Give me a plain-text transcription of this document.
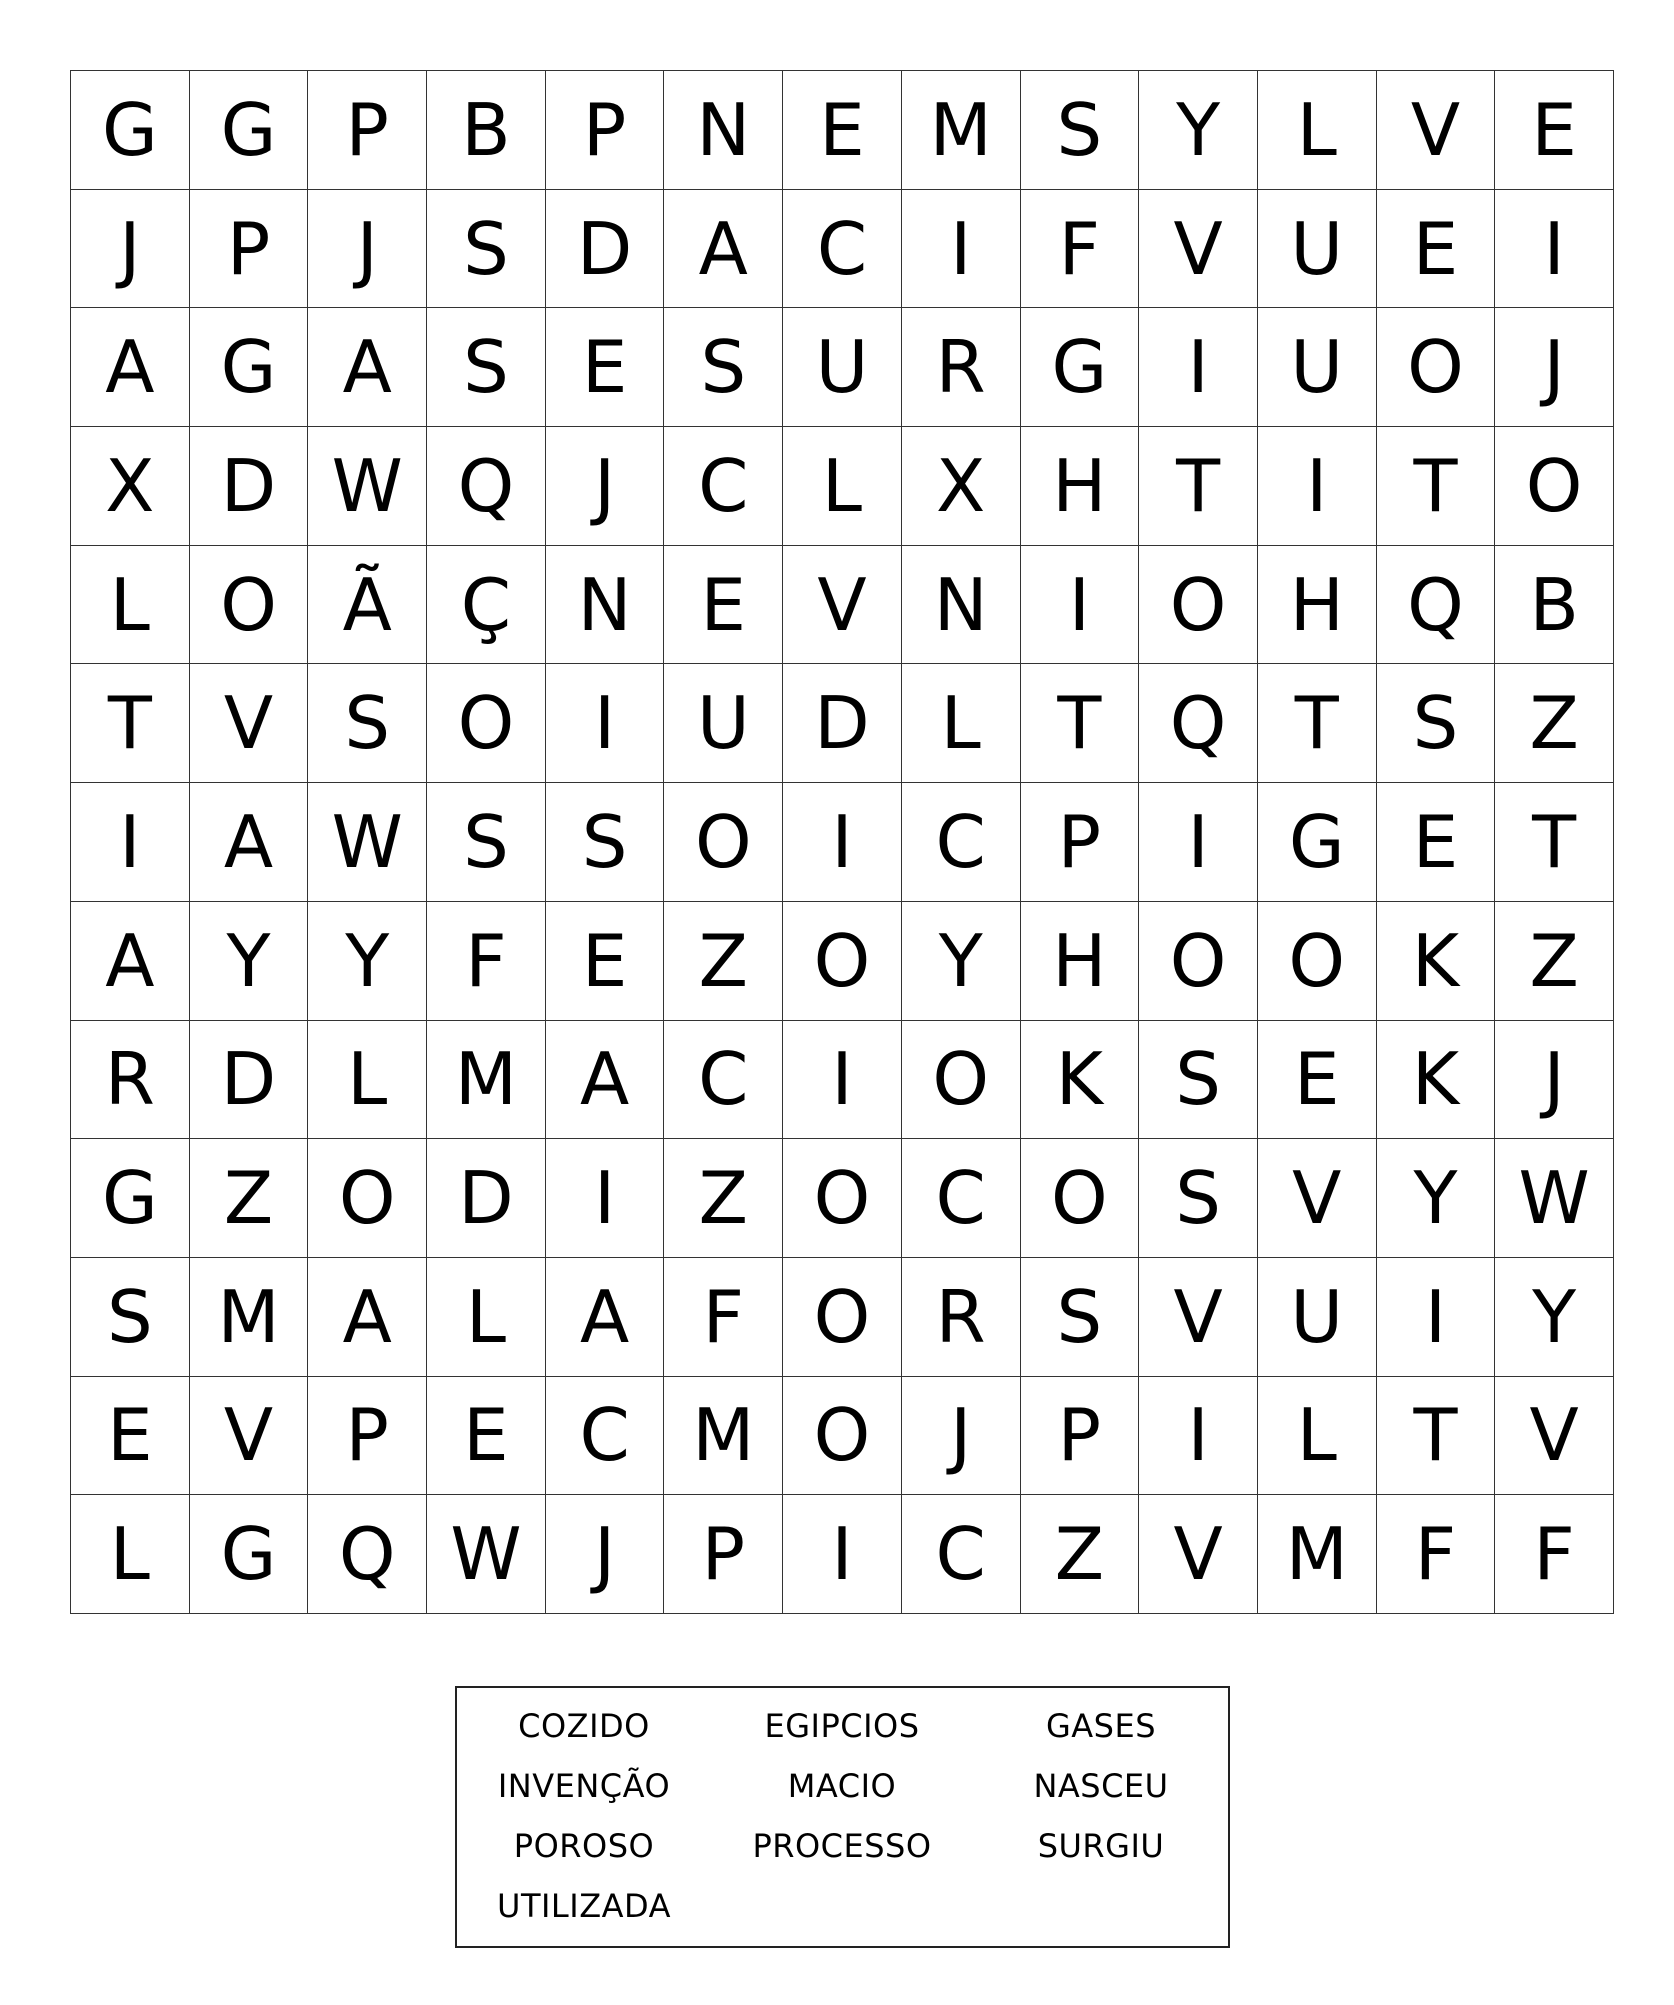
G G P	B	P N E M S	Y	L	V E
J	P	J	S D A C	I	F	V U E	I
A G A S	E	S U R G	I	U O	J
X D W Q	J	C	L	X H T	I	T O
L O Ã Ç N E V N	I	O H Q B
T	V S O	I	U D L	T Q T	S Z
I	A W S	S O	I	C P	I	G E	T
A	Y	Y	F	E Z O Y H O O K Z
R D L M A C	I	O K	S	E	K	J
G Z O D	I	Z O C O S V	Y W
S M A	L	A	F O R S V U	I	Y
E V	P	E C M O	J	P	I	L	T	V
L G Q W	J	P	I	C Z V M F	F
COZIDO	EGIPCIOS	GASES
INVENÇÃO	MACIO	NASCEU
POROSO	PROCESSO	SURGIU
UTILIZADA
